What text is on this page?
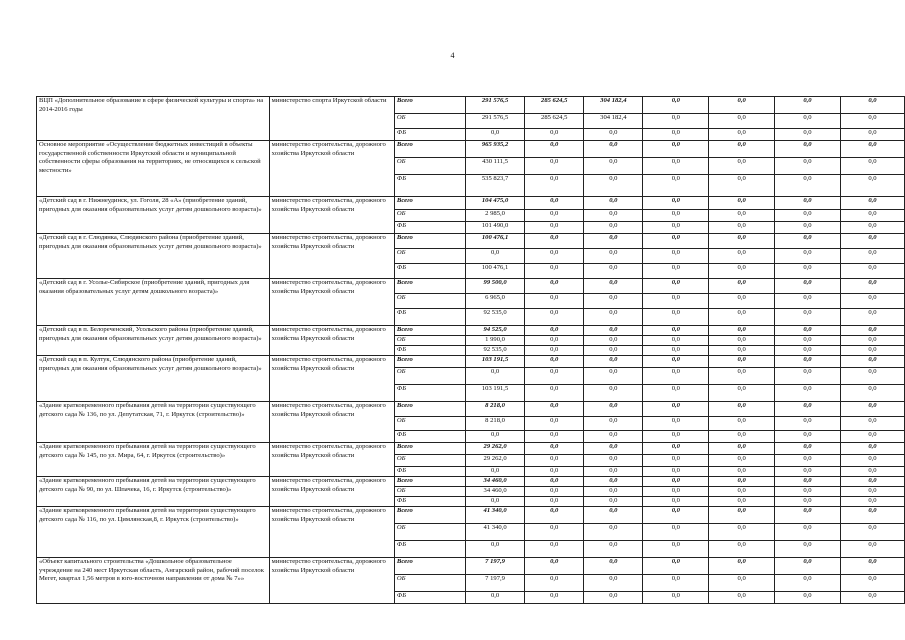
4
ВЦП «Дополнительное образование в сфере физической культуры и спорта» на 2014-2016 годы	министерство спорта Иркутской области	Всего	291 576,5	285 624,5	304 182,4	0,0	0,0	0,0	0,0
		ОБ	291 576,5	285 624,5	304 182,4	0,0	0,0	0,0	0,0
		ФБ	0,0	0,0	0,0	0,0	0,0	0,0	0,0
Основное мероприятие «Осуществление бюджетных инвестиций в объекты государственной собственности Иркутской области и муниципальной собственности сферы образования на территориях, не относящихся к сельской местности»	министерство строительства, дорожного хозяйства Иркутской области	Всего	965 935,2	0,0	0,0	0,0	0,0	0,0	0,0
		ОБ	430 111,5	0,0	0,0	0,0	0,0	0,0	0,0
		ФБ	535 823,7	0,0	0,0	0,0	0,0	0,0	0,0
«Детский сад в г. Нижнеудинск, ул. Гоголя, 28 «А» (приобретение зданий, пригодных для оказания образовательных услуг детям дошкольного возраста)»	министерство строительства, дорожного хозяйства Иркутской области	Всего	104 475,0	0,0	0,0	0,0	0,0	0,0	0,0
		ОБ	2 985,0	0,0	0,0	0,0	0,0	0,0	0,0
		ФБ	101 490,0	0,0	0,0	0,0	0,0	0,0	0,0
«Детский сад в г. Слюдянка, Слюдянского района (приобретение зданий, пригодных для оказания образовательных услуг детям дошкольного возраста)»	министерство строительства, дорожного хозяйства Иркутской области	Всего	100 476,1	0,0	0,0	0,0	0,0	0,0	0,0
		ОБ	0,0	0,0	0,0	0,0	0,0	0,0	0,0
		ФБ	100 476,1	0,0	0,0	0,0	0,0	0,0	0,0
«Детский сад в г. Усолье-Сибирское (приобретение зданий, пригодных для оказания образовательных услуг детям дошкольного возраста)»	министерство строительства, дорожного хозяйства Иркутской области	Всего	99 500,0	0,0	0,0	0,0	0,0	0,0	0,0
		ОБ	6 965,0	0,0	0,0	0,0	0,0	0,0	0,0
		ФБ	92 535,0	0,0	0,0	0,0	0,0	0,0	0,0
«Детский сад в п. Белореченский, Усольского района (приобретение зданий, пригодных для оказания образовательных услуг детям дошкольного возраста)»	министерство строительства, дорожного хозяйства Иркутской области	Всего	94 525,0	0,0	0,0	0,0	0,0	0,0	0,0
		ОБ	1 990,0	0,0	0,0	0,0	0,0	0,0	0,0
		ФБ	92 535,0	0,0	0,0	0,0	0,0	0,0	0,0
«Детский сад в п. Култук, Слюдянского района (приобретение зданий, пригодных для оказания образовательных услуг детям дошкольного возраста)»	министерство строительства, дорожного хозяйства Иркутской области	Всего	103 191,5	0,0	0,0	0,0	0,0	0,0	0,0
		ОБ	0,0	0,0	0,0	0,0	0,0	0,0	0,0
		ФБ	103 191,5	0,0	0,0	0,0	0,0	0,0	0,0
«Здание кратковременного пребывания детей на территории существующего детского сада № 136, по ул. Депутатская, 71, г. Иркутск (строительство)»	министерство строительства, дорожного хозяйства Иркутской области	Всего	8 218,0	0,0	0,0	0,0	0,0	0,0	0,0
		ОБ	8 218,0	0,0	0,0	0,0	0,0	0,0	0,0
		ФБ	0,0	0,0	0,0	0,0	0,0	0,0	0,0
«Здание кратковременного пребывания детей на территории существующего детского сада № 145, по ул. Мира, 64, г. Иркутск (строительство)»	министерство строительства, дорожного хозяйства Иркутской области	Всего	29 262,0	0,0	0,0	0,0	0,0	0,0	0,0
		ОБ	29 262,0	0,0	0,0	0,0	0,0	0,0	0,0
		ФБ	0,0	0,0	0,0	0,0	0,0	0,0	0,0
«Здание кратковременного пребывания детей на территории существующего детского сада № 90, по ул. Шпачека, 16, г. Иркутск (строительство)»	министерство строительства, дорожного хозяйства Иркутской области	Всего	34 460,0	0,0	0,0	0,0	0,0	0,0	0,0
		ОБ	34 460,0	0,0	0,0	0,0	0,0	0,0	0,0
		ФБ	0,0	0,0	0,0	0,0	0,0	0,0	0,0
«Здание кратковременного пребывания детей на территории существующего детского сада № 116, по ул. Цимлянская,8, г. Иркутск (строительство)»	министерство строительства, дорожного хозяйства Иркутской области	Всего	41 340,0	0,0	0,0	0,0	0,0	0,0	0,0
		ОБ	41 340,0	0,0	0,0	0,0	0,0	0,0	0,0
		ФБ	0,0	0,0	0,0	0,0	0,0	0,0	0,0
«Объект капитального строительства «Дошкольное образовательное учреждение на 240 мест Иркутская область, Ангарский район, рабочий поселок Мегет, квартал 1,56 метров в юго-восточном направлении от дома № 7»»	министерство строительства, дорожного хозяйства Иркутской области	Всего	7 197,9	0,0	0,0	0,0	0,0	0,0	0,0
		ОБ	7 197,9	0,0	0,0	0,0	0,0	0,0	0,0
		ФБ	0,0	0,0	0,0	0,0	0,0	0,0	0,0
